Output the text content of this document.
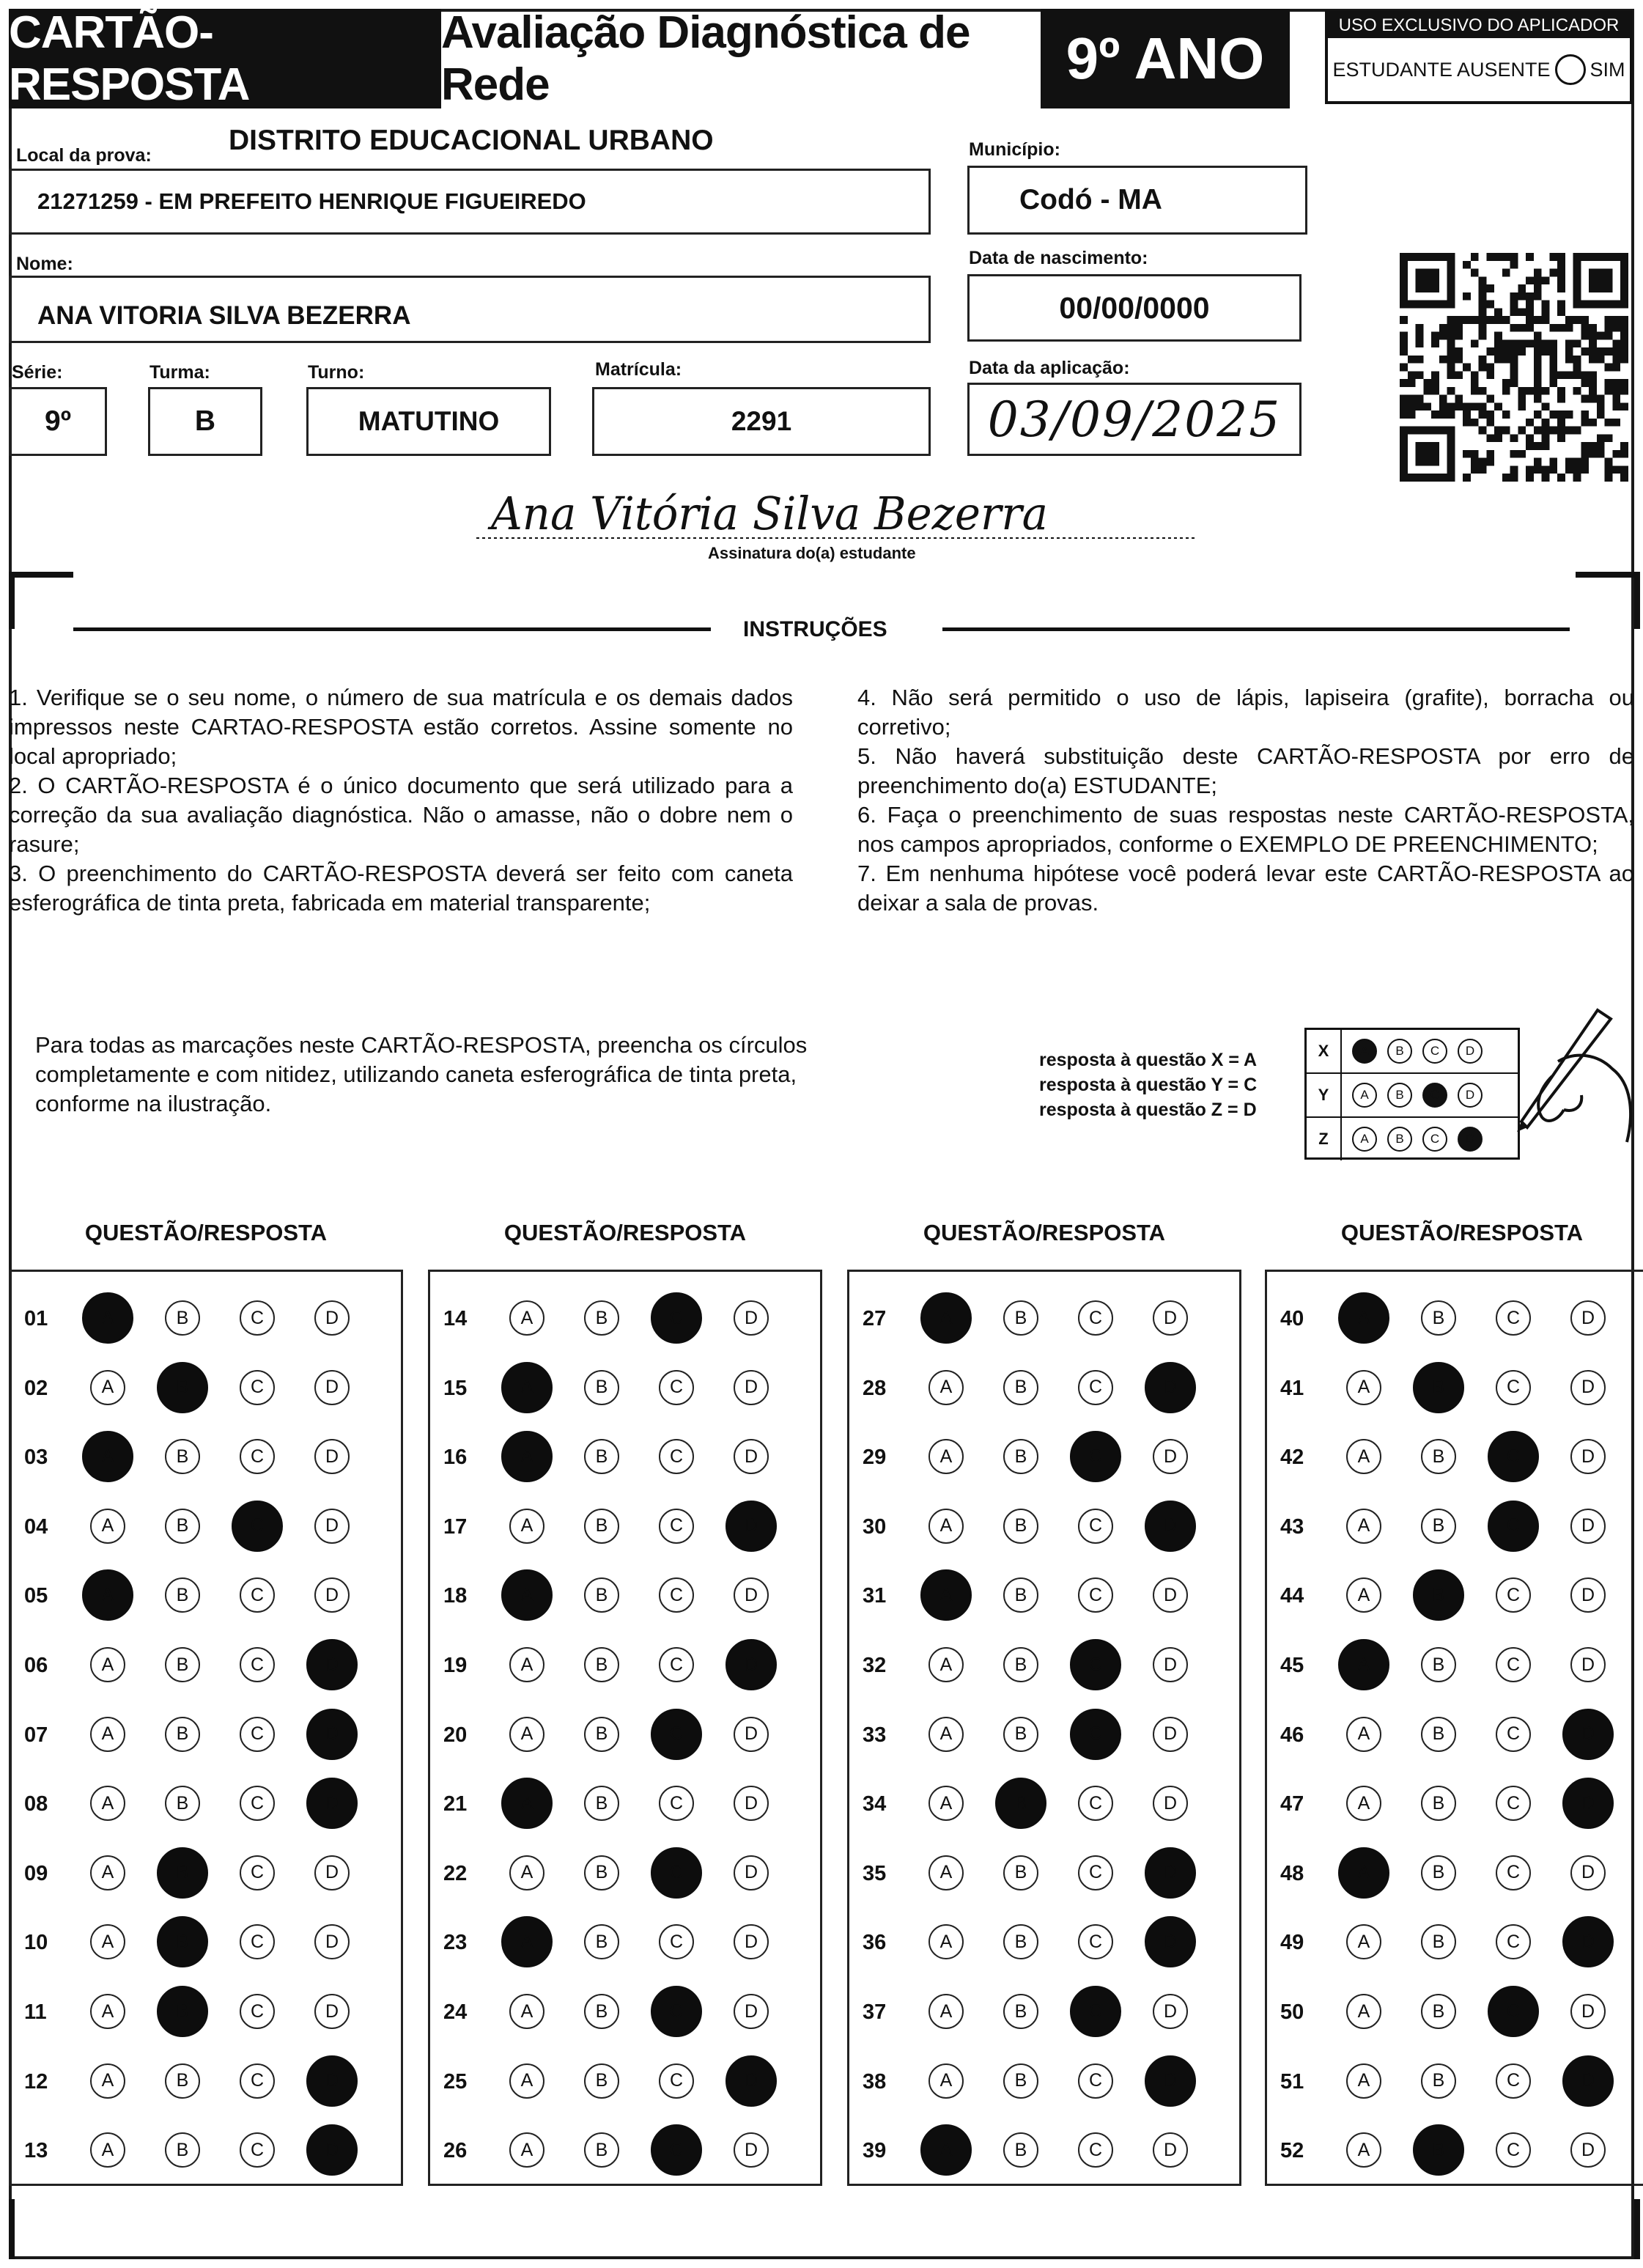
CARTÃO-RESPOSTA
Avaliação Diagnóstica de Rede	9º ANO
USO EXCLUSIVO DO APLICADOR
ESTUDANTE AUSENTE SIM
Local da prova:	DISTRITO EDUCACIONAL URBANO
21271259 - EM PREFEITO HENRIQUE FIGUEIREDO
Município:
Codó - MA
Nome:
ANA VITORIA SILVA BEZERRA
Data de nascimento:
00/00/0000
Série:
9º
Turma:
B
Turno:
MATUTINO
Matrícula:
2291
Data da aplicação:
03/09/2025
Ana Vitória Silva Bezerra
Assinatura do(a) estudante
INSTRUÇÕES

1. Verifique se o seu nome, o número de sua matrícula e os demais dados impressos neste CARTAO-RESPOSTA estão corretos. Assine somente no local apropriado;

2. O CARTÃO-RESPOSTA é o único documento que será utilizado para a correção da sua avaliação diagnóstica. Não o amasse, não o dobre nem o rasure;

3. O preenchimento do CARTÃO-RESPOSTA deverá ser feito com caneta esferográfica de tinta preta, fabricada em material transparente;

4. Não será permitido o uso de lápis, lapiseira (grafite), borracha ou corretivo;

5. Não haverá substituição deste CARTÃO-RESPOSTA por erro de preenchimento do(a) ESTUDANTE;

6. Faça o preenchimento de suas respostas neste CARTÃO-RESPOSTA, nos campos apropriados, conforme o EXEMPLO DE PREENCHIMENTO;

7. Em nenhuma hipótese você poderá levar este CARTÃO-RESPOSTA ao deixar a sala de provas.

Para todas as marcações neste CARTÃO-RESPOSTA, preencha os círculos completamente e com nitidez, utilizando caneta esferográfica de tinta preta, conforme na ilustração.
resposta à questão X = A
resposta à questão Y = C
resposta à questão Z = D
X	A	B	C	D
Y	A	B	C	D
Z	A	B	C	D
QUESTÃO/RESPOSTA
01	A	B	C	D
02	A	B	C	D
03	A	B	C	D
04	A	B	C	D
05	A	B	C	D
06	A	B	C	D
07	A	B	C	D
08	A	B	C	D
09	A	B	C	D
10	A	B	C	D
11	A	B	C	D
12	A	B	C	D
13	A	B	C	D
QUESTÃO/RESPOSTA
14	A	B	C	D
15	A	B	C	D
16	A	B	C	D
17	A	B	C	D
18	A	B	C	D
19	A	B	C	D
20	A	B	C	D
21	A	B	C	D
22	A	B	C	D
23	A	B	C	D
24	A	B	C	D
25	A	B	C	D
26	A	B	C	D
QUESTÃO/RESPOSTA
27	A	B	C	D
28	A	B	C	D
29	A	B	C	D
30	A	B	C	D
31	A	B	C	D
32	A	B	C	D
33	A	B	C	D
34	A	B	C	D
35	A	B	C	D
36	A	B	C	D
37	A	B	C	D
38	A	B	C	D
39	A	B	C	D
QUESTÃO/RESPOSTA
40	A	B	C	D
41	A	B	C	D
42	A	B	C	D
43	A	B	C	D
44	A	B	C	D
45	A	B	C	D
46	A	B	C	D
47	A	B	C	D
48	A	B	C	D
49	A	B	C	D
50	A	B	C	D
51	A	B	C	D
52	A	B	C	D
